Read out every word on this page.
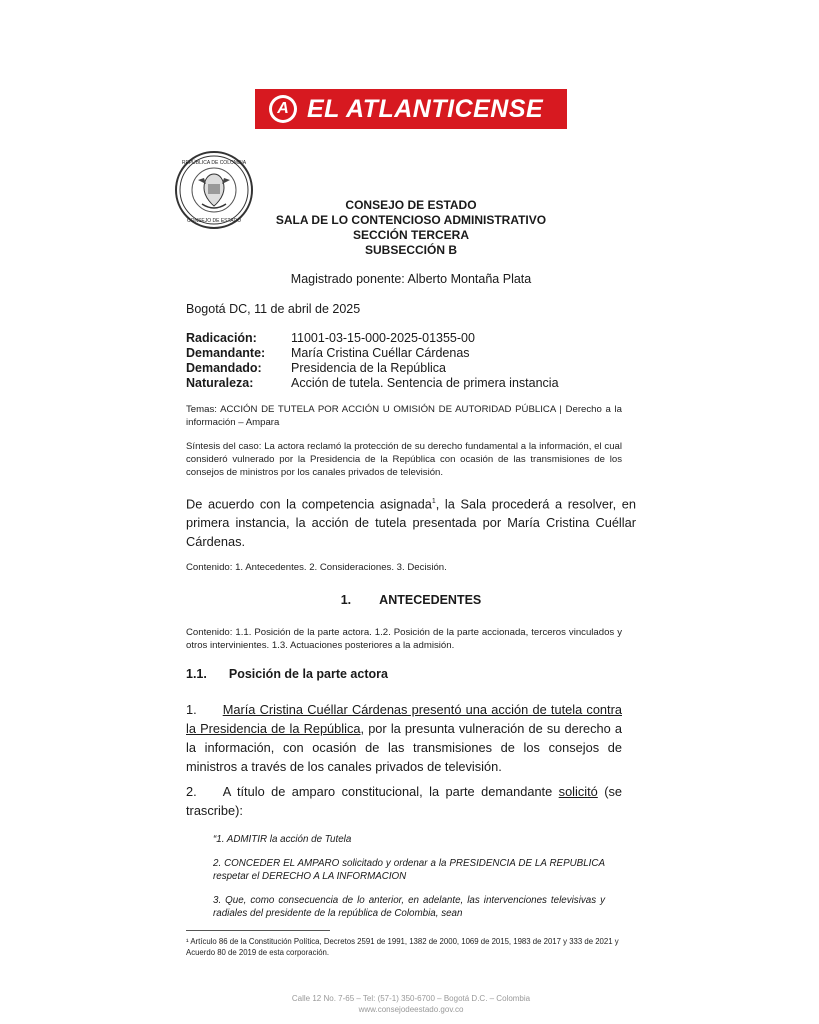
A EL ATLANTICENSE
REPÚBLICA DE COLOMBIA
CONSEJO DE ESTADO
CONSEJO DE ESTADO
SALA DE LO CONTENCIOSO ADMINISTRATIVO
SECCIÓN TERCERA
SUBSECCIÓN B
Magistrado ponente: Alberto Montaña Plata
Bogotá DC, 11 de abril de 2025
Radicación:	11001-03-15-000-2025-01355-00
Demandante:	María Cristina Cuéllar Cárdenas
Demandado:	Presidencia de la República
Naturaleza:	Acción de tutela. Sentencia de primera instancia
Temas: ACCIÓN DE TUTELA POR ACCIÓN U OMISIÓN DE AUTORIDAD PÚBLICA | Derecho a la información – Ampara
Síntesis del caso: La actora reclamó la protección de su derecho fundamental a la información, el cual consideró vulnerado por la Presidencia de la República con ocasión de las transmisiones de los consejos de ministros por los canales privados de televisión.
De acuerdo con la competencia asignada$^1$, la Sala procederá a resolver, en primera instancia, la acción de tutela presentada por María Cristina Cuéllar Cárdenas.
Contenido: 1. Antecedentes. 2. Consideraciones. 3. Decisión.
1. ANTECEDENTES
Contenido: 1.1. Posición de la parte actora. 1.2. Posición de la parte accionada, terceros vinculados y otros intervinientes. 1.3. Actuaciones posteriores a la admisión.
1.1. Posición de la parte actora
1. María Cristina Cuéllar Cárdenas presentó una acción de tutela contra la Presidencia de la República, por la presunta vulneración de su derecho a la información, con ocasión de las transmisiones de los consejos de ministros a través de los canales privados de televisión.
2. A título de amparo constitucional, la parte demandante solicitó (se trascribe):
“1. ADMITIR la acción de Tutela
2. CONCEDER EL AMPARO solicitado y ordenar a la PRESIDENCIA DE LA REPUBLICA respetar el DERECHO A LA INFORMACION
3. Que, como consecuencia de lo anterior, en adelante, las intervenciones televisivas y radiales del presidente de la república de Colombia, sean
¹ Artículo 86 de la Constitución Política, Decretos 2591 de 1991, 1382 de 2000, 1069 de 2015, 1983 de 2017 y 333 de 2021 y Acuerdo 80 de 2019 de esta corporación.
Calle 12 No. 7-65 – Tel: (57-1) 350-6700 – Bogotá D.C. – Colombia
www.consejodeestado.gov.co
